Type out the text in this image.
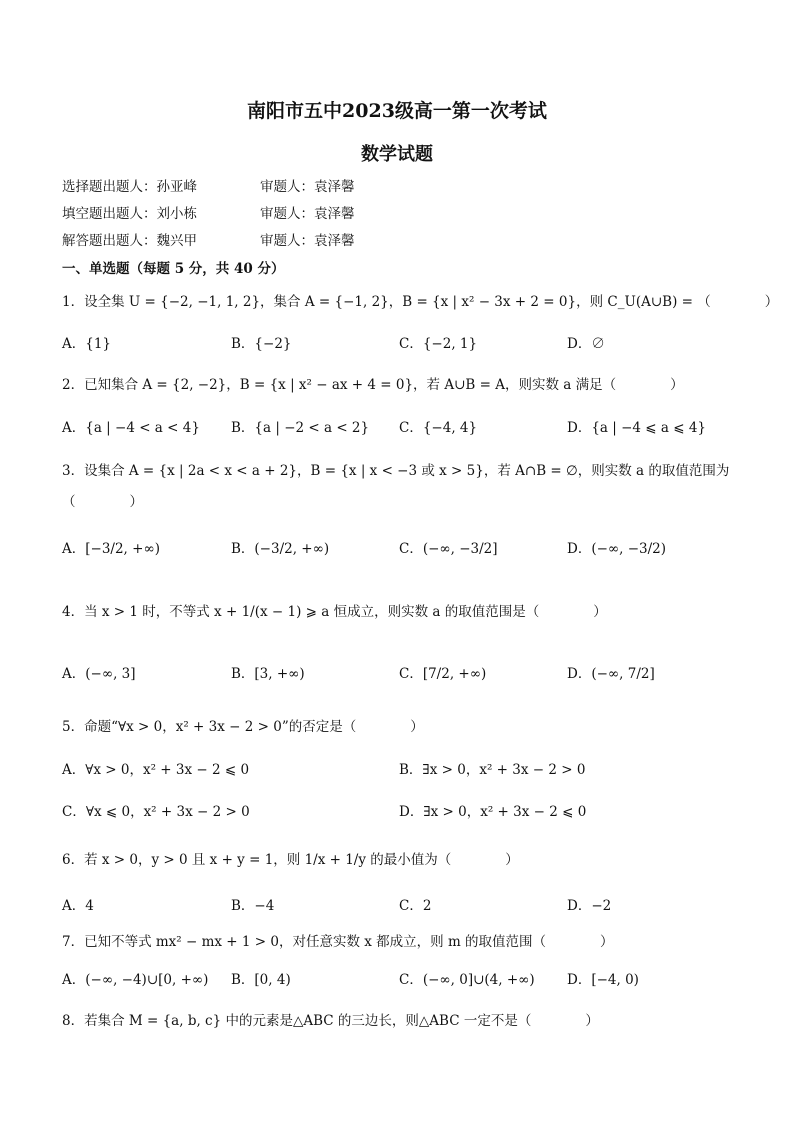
南阳市五中2023级高一第一次考试
数学试题
选择题出题人：孙亚峰	审题人：袁泽馨
填空题出题人：刘小栋	审题人：袁泽馨
解答题出题人：魏兴甲	审题人：袁泽馨
一、单选题（每题 5 分，共 40 分）
1．设全集 U = {−2, −1, 1, 2}，集合 A = {−1, 2}，B = {x | x² − 3x + 2 = 0}，则 C_U(A∪B) = （　　　　）
A．{1}	B．{−2}	C．{−2, 1}	D．∅
2．已知集合 A = {2, −2}，B = {x | x² − ax + 4 = 0}，若 A∪B = A，则实数 a 满足（　　　　）
A．{a | −4 < a < 4} B．{a | −2 < a < 2} C．{−4, 4}	D．{a | −4 ⩽ a ⩽ 4}
3．设集合 A = {x | 2a < x < a + 2}，B = {x | x < −3 或 x > 5}，若 A∩B = ∅，则实数 a 的取值范围为
（　　　　）
A．[−3/2, +∞)	B．(−3/2, +∞)	C．(−∞, −3/2]	D．(−∞, −3/2)
4．当 x > 1 时，不等式 x + 1/(x − 1) ⩾ a 恒成立，则实数 a 的取值范围是（　　　　）
A．(−∞, 3]	B．[3, +∞)	C．[7/2, +∞)	D．(−∞, 7/2]
5．命题“∀x > 0，x² + 3x − 2 > 0”的否定是（　　　　）
A．∀x > 0，x² + 3x − 2 ⩽ 0	B．∃x > 0，x² + 3x − 2 > 0
C．∀x ⩽ 0，x² + 3x − 2 > 0	D．∃x > 0，x² + 3x − 2 ⩽ 0
6．若 x > 0，y > 0 且 x + y = 1，则 1/x + 1/y 的最小值为（　　　　）
A．4	B．−4	C．2	D．−2
7．已知不等式 mx² − mx + 1 > 0，对任意实数 x 都成立，则 m 的取值范围（　　　　）
A．(−∞, −4)∪[0, +∞) B．[0, 4)	C．(−∞, 0]∪(4, +∞) D．[−4, 0)
8．若集合 M = {a, b, c} 中的元素是△ABC 的三边长，则△ABC 一定不是（　　　　）
